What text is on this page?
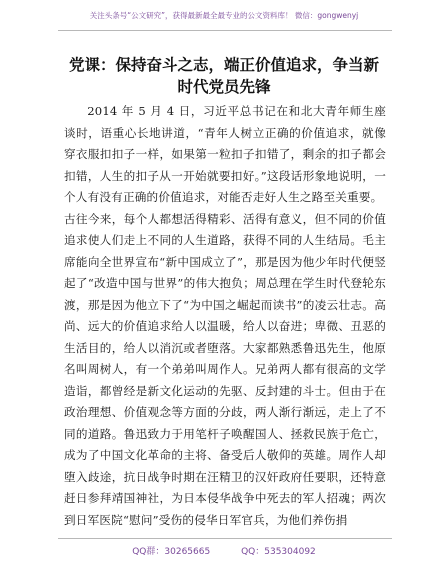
关注头条号“公文研究”，获得最新最全最专业的公文资料库！ 微信：gongwenyj
党课：保持奋斗之志，端正价值追求，争当新
时代党员先锋

2014 年 5 月 4 日，习近平总书记在和北大青年师生座谈时，语重心长地讲道，“青年人树立正确的价值追求，就像穿衣服扣扣子一样，如果第一粒扣子扣错了，剩余的扣子都会扣错，人生的扣子从一开始就要扣好。”这段话形象地说明，一个人有没有正确的价值追求，对能否走好人生之路至关重要。

古往今来，每个人都想活得精彩、活得有意义，但不同的价值追求使人们走上不同的人生道路，获得不同的人生结局。毛主席能向全世界宣布“新中国成立了”，那是因为他少年时代便竖起了“改造中国与世界”的伟大抱负；周总理在学生时代登轮东渡，那是因为他立下了“为中国之崛起而读书”的凌云壮志。高尚、远大的价值追求给人以温暖，给人以奋进；卑微、丑恶的生活目的，给人以消沉或者堕落。大家都熟悉鲁迅先生，他原名叫周树人，有一个弟弟叫周作人。兄弟两人都有很高的文学造诣，都曾经是新文化运动的先驱、反封建的斗士。但由于在政治理想、价值观念等方面的分歧，两人渐行渐远，走上了不同的道路。鲁迅致力于用笔杆子唤醒国人、拯救民族于危亡，成为了中国文化革命的主将、备受后人敬仰的英雄。周作人却堕入歧途，抗日战争时期在汪精卫的汉奸政府任要职，还特意赶日参拜靖国神社，为日本侵华战争中死去的军人招魂；两次到日军医院“慰问”受伤的侵华日军官兵，为他们养伤捐

QQ群：30265665	QQ：535304092
